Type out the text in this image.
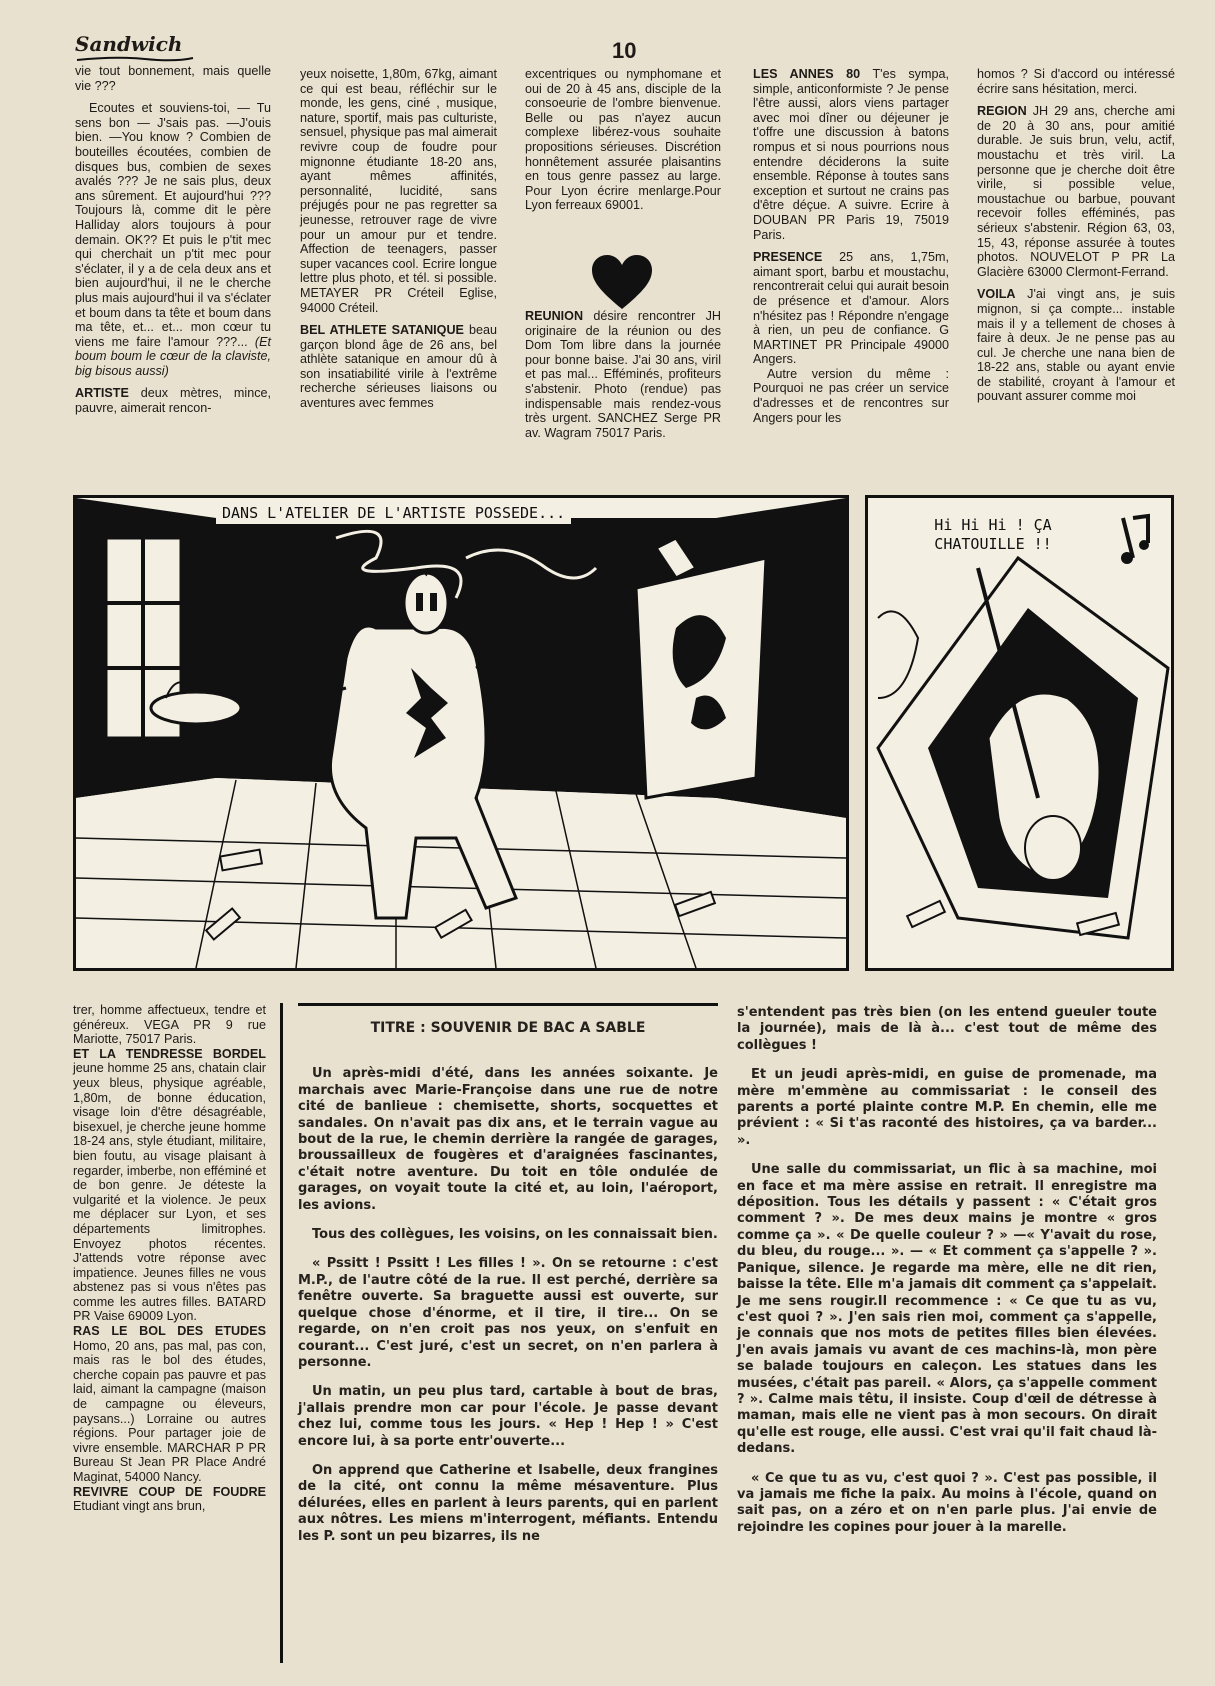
Sandwich	10

vie tout bonnement, mais quelle vie ???

Ecoutes et souviens-toi, — Tu sens bon — J'sais pas. —J'ouis bien. —You know ? Combien de bouteilles écoutées, combien de disques bus, combien de sexes avalés ??? Je ne sais plus, deux ans sûrement. Et aujourd'hui ??? Toujours là, comme dit le père Halliday alors toujours à pour demain. OK?? Et puis le p'tit mec qui cherchait un p'tit mec pour s'éclater, il y a de cela deux ans et bien aujourd'hui, il ne le cherche plus mais aujourd'hui il va s'éclater et boum dans ta tête et boum dans ma tête, et... et... mon cœur tu viens me faire l'amour ???... (Et boum boum le cœur de la claviste, big bisous aussi)

ARTISTE deux mètres, mince, pauvre, aimerait rencon-

yeux noisette, 1,80m, 67kg, aimant ce qui est beau, réfléchir sur le monde, les gens, ciné , musique, nature, sportif, mais pas culturiste, sensuel, physique pas mal aimerait revivre coup de foudre pour mignonne étudiante 18-20 ans, ayant mêmes affinités, personnalité, lucidité, sans préjugés pour ne pas regretter sa jeunesse, retrouver rage de vivre pour un amour pur et tendre. Affection de teenagers, passer super vacances cool. Ecrire longue lettre plus photo, et tél. si possible. METAYER PR Créteil Eglise, 94000 Créteil.

BEL ATHLETE SATANIQUE beau garçon blond âge de 26 ans, bel athlète satanique en amour dû à son insatiabilité virile à l'extrême recherche sérieuses liaisons ou aventures avec femmes

excentriques ou nymphomane et oui de 20 à 45 ans, disciple de la consoeurie de l'ombre bienvenue. Belle ou pas n'ayez aucun complexe libérez-vous souhaite propositions sérieuses. Discrétion honnêtement assurée plaisantins en tous genre passez au large. Pour Lyon écrire menlarge.Pour Lyon ferreaux 69001.

REUNION désire rencontrer JH originaire de la réunion ou des Dom Tom libre dans la journée pour bonne baise. J'ai 30 ans, viril et pas mal... Efféminés, profiteurs s'abstenir. Photo (rendue) pas indispensable mais rendez-vous très urgent. SANCHEZ Serge PR av. Wagram 75017 Paris.

LES ANNES 80 T'es sympa, simple, anticonformiste ? Je pense l'être aussi, alors viens partager avec moi dîner ou déjeuner je t'offre une discussion à batons rompus et si nous pourrions nous entendre déciderons la suite ensemble. Réponse à toutes sans exception et surtout ne crains pas d'être déçue. A suivre. Ecrire à DOUBAN PR Paris 19, 75019 Paris.

PRESENCE 25 ans, 1,75m, aimant sport, barbu et moustachu, rencontrerait celui qui aurait besoin de présence et d'amour. Alors n'hésitez pas ! Répondre n'engage à rien, un peu de confiance. G MARTINET PR Principale 49000 Angers.

Autre version du même : Pourquoi ne pas créer un service d'adresses et de rencontres sur Angers pour les

homos ? Si d'accord ou intéressé écrire sans hésitation, merci.

REGION JH 29 ans, cherche ami de 20 à 30 ans, pour amitié durable. Je suis brun, velu, actif, moustachu et très viril. La personne que je cherche doit être virile, si possible velue, moustachue ou barbue, pouvant recevoir folles efféminés, pas sérieux s'abstenir. Région 63, 03, 15, 43, réponse assurée à toutes photos. NOUVELOT P PR La Glacière 63000 Clermont-Ferrand.

VOILA J'ai vingt ans, je suis mignon, si ça compte... instable mais il y a tellement de choses à faire à deux. Je ne pense pas au cul. Je cherche une nana bien de 18-22 ans, stable ou ayant envie de stabilité, croyant à l'amour et pouvant assurer comme moi

DANS L'ATELIER DE L'ARTISTE POSSEDE...
Hi Hi Hi ! ÇA
CHATOUILLE !!

trer, homme affectueux, tendre et généreux. VEGA PR 9 rue Mariotte, 75017 Paris.

ET LA TENDRESSE BORDEL jeune homme 25 ans, chatain clair yeux bleus, physique agréable, 1,80m, de bonne éducation, visage loin d'être désagréable, bisexuel, je cherche jeune homme 18-24 ans, style étudiant, militaire, bien foutu, au visage plaisant à regarder, imberbe, non efféminé et de bon genre. Je déteste la vulgarité et la violence. Je peux me déplacer sur Lyon, et ses départements limitrophes. Envoyez photos récentes. J'attends votre réponse avec impatience. Jeunes filles ne vous abstenez pas si vous n'êtes pas comme les autres filles. BATARD PR Vaise 69009 Lyon.

RAS LE BOL DES ETUDES Homo, 20 ans, pas mal, pas con, mais ras le bol des études, cherche copain pas pauvre et pas laid, aimant la campagne (maison de campagne ou éleveurs, paysans...) Lorraine ou autres régions. Pour partager joie de vivre ensemble. MARCHAR P PR Bureau St Jean PR Place André Maginat, 54000 Nancy.

REVIVRE COUP DE FOUDRE Etudiant vingt ans brun,

TITRE : SOUVENIR DE BAC A SABLE

Un après-midi d'été, dans les années soixante. Je marchais avec Marie-Françoise dans une rue de notre cité de banlieue : chemisette, shorts, socquettes et sandales. On n'avait pas dix ans, et le terrain vague au bout de la rue, le chemin derrière la rangée de garages, broussailleux de fougères et d'araignées fascinantes, c'était notre aventure. Du toit en tôle ondulée de garages, on voyait toute la cité et, au loin, l'aéroport, les avions.

Tous des collègues, les voisins, on les connaissait bien.

« Pssitt ! Pssitt ! Les filles ! ». On se retourne : c'est M.P., de l'autre côté de la rue. Il est perché, derrière sa fenêtre ouverte. Sa braguette aussi est ouverte, sur quelque chose d'énorme, et il tire, il tire... On se regarde, on n'en croit pas nos yeux, on s'enfuit en courant... C'est juré, c'est un secret, on n'en parlera à personne.

Un matin, un peu plus tard, cartable à bout de bras, j'allais prendre mon car pour l'école. Je passe devant chez lui, comme tous les jours. « Hep ! Hep ! » C'est encore lui, à sa porte entr'ouverte...

On apprend que Catherine et Isabelle, deux frangines de la cité, ont connu la même mésaventure. Plus délurées, elles en parlent à leurs parents, qui en parlent aux nôtres. Les miens m'interrogent, méfiants. Entendu les P. sont un peu bizarres, ils ne

s'entendent pas très bien (on les entend gueuler toute la journée), mais de là à... c'est tout de même des collègues !

Et un jeudi après-midi, en guise de promenade, ma mère m'emmène au commissariat : le conseil des parents a porté plainte contre M.P. En chemin, elle me prévient : « Si t'as raconté des histoires, ça va barder... ».

Une salle du commissariat, un flic à sa machine, moi en face et ma mère assise en retrait. Il enregistre ma déposition. Tous les détails y passent : « C'était gros comment ? ». De mes deux mains je montre « gros comme ça ». « De quelle couleur ? » —« Y'avait du rose, du bleu, du rouge... ». — « Et comment ça s'appelle ? ». Panique, silence. Je regarde ma mère, elle ne dit rien, baisse la tête. Elle m'a jamais dit comment ça s'appelait. Je me sens rougir.Il recommence : « Ce que tu as vu, c'est quoi ? ». J'en sais rien moi, comment ça s'appelle, je connais que nos mots de petites filles bien élevées. J'en avais jamais vu avant de ces machins-là, mon père se balade toujours en caleçon. Les statues dans les musées, c'était pas pareil. « Alors, ça s'appelle comment ? ». Calme mais têtu, il insiste. Coup d'œil de détresse à maman, mais elle ne vient pas à mon secours. On dirait qu'elle est rouge, elle aussi. C'est vrai qu'il fait chaud là-dedans.

« Ce que tu as vu, c'est quoi ? ». C'est pas possible, il va jamais me fiche la paix. Au moins à l'école, quand on sait pas, on a zéro et on n'en parle plus. J'ai envie de rejoindre les copines pour jouer à la marelle.
